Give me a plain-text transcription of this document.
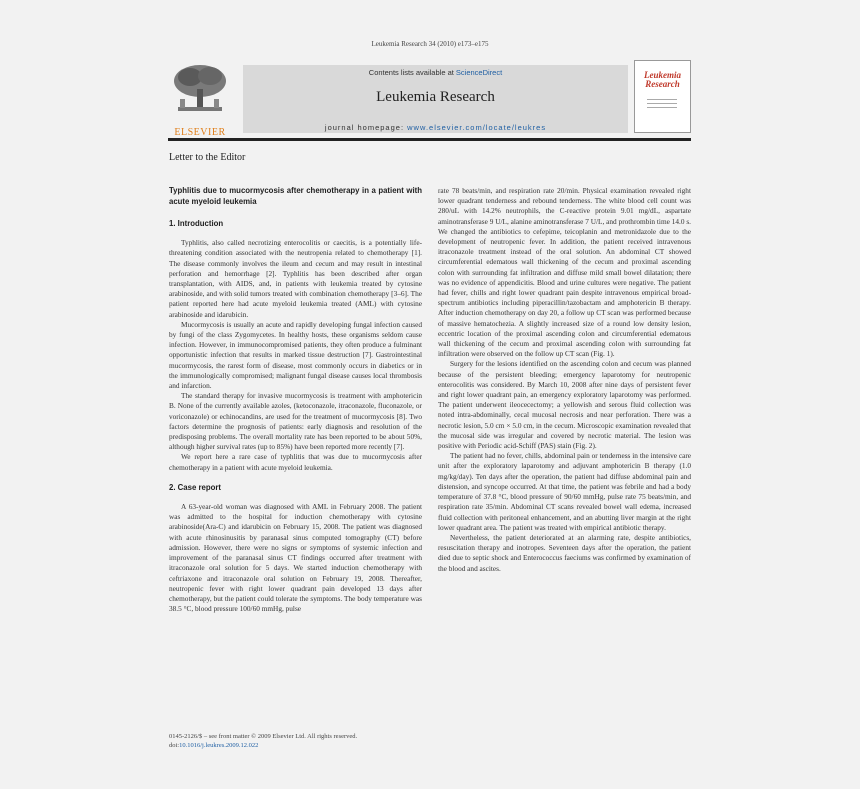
Leukemia Research 34 (2010) e173–e175
ELSEVIER
Contents lists available at ScienceDirect
Leukemia Research
journal homepage: www.elsevier.com/locate/leukres
Leukemia Research
Letter to the Editor

Typhlitis due to mucormycosis after chemotherapy in a patient with acute myeloid leukemia

1. Introduction

Typhlitis, also called necrotizing enterocolitis or caecitis, is a potentially life-threatening condition associated with the neutropenia related to chemotherapy [1]. The disease commonly involves the ileum and cecum and may result in intestinal perforation and hemorrhage [2]. Typhlitis has been described after organ transplantation, with AIDS, and, in patients with leukemia treated by cytosine arabinoside, and with solid tumors treated with combination chemotherapy [3–6]. The patient reported here had acute myeloid leukemia treated (AML) with cytosine arabinoside and idarubicin.

Mucormycosis is usually an acute and rapidly developing fungal infection caused by fungi of the class Zygomycetes. In healthy hosts, these organisms seldom cause infection. However, in immunocompromised patients, they often produce a fulminant opportunistic infection that results in marked tissue destruction [7]. Gastrointestinal mucormycosis, the rarest form of disease, most commonly occurs in diabetics or in the immunologically compromised; malignant fungal disease causes local thrombosis and infarction.

The standard therapy for invasive mucormycosis is treatment with amphotericin B. None of the currently available azoles, (ketoconazole, itraconazole, fluconazole, or voriconazole) or echinocandins, are used for the treatment of mucormycosis [8]. Two factors determine the prognosis of patients: early diagnosis and resolution of the predisposing problems. The overall mortality rate has been reported to be about 50%, although higher survival rates (up to 85%) have been reported more recently [7].

We report here a rare case of typhlitis that was due to mucormycosis after chemotherapy in a patient with acute myeloid leukemia.

2. Case report

A 63-year-old woman was diagnosed with AML in February 2008. The patient was admitted to the hospital for induction chemotherapy with cytosine arabinoside(Ara-C) and idarubicin on February 15, 2008. The patient was diagnosed with acute rhinosinusitis by paranasal sinus computed tomography (CT) before admission. However, there were no signs or symptoms of systemic infection and improvement of the paranasal sinus CT findings occurred after treatment with itraconazole oral solution for 5 days. We started induction chemotherapy with ceftriaxone and itraconazole oral solution on February 19, 2008. Thereafter, neutropenic fever with right lower quadrant pain developed 13 days after chemotherapy, but the patient could tolerate the symptoms. The body temperature was 38.5 °C, blood pressure 100/60 mmHg, pulse

rate 78 beats/min, and respiration rate 20/min. Physical examination revealed right lower quadrant tenderness and rebound tenderness. The white blood cell count was 280/uL with 14.2% neutrophils, the C-reactive protein 9.01 mg/dL, aspartate aminotransferase 9 U/L, alanine aminotransferase 7 U/L, and prothrombin time 14.0 s. We changed the antibiotics to cefepime, teicoplanin and metronidazole due to the development of neutropenic fever. In addition, the patient received intravenous itraconazole treatment instead of the oral solution. An abdominal CT showed circumferential edematous wall thickening of the cecum and proximal ascending colon with surrounding fat infiltration and diffuse mild small bowel dilatation; there was no evidence of appendicitis. Blood and urine cultures were negative. The patient had fever, chills and right lower quadrant pain despite intravenous empirical broad-spectrum antibiotics including piperacillin/tazobactam and amphotericin B therapy. After induction chemotherapy on day 20, a follow up CT scan was performed because of massive hematochezia. A slightly increased size of a round low density lesion, eccentric location of the proximal ascending colon and circumferential edematous wall thickening of the cecum and proximal ascending colon with surrounding fat infiltration were observed on the follow up CT scan (Fig. 1).

Surgery for the lesions identified on the ascending colon and cecum was planned because of the persistent bleeding; emergency laparotomy for neutropenic enterocolitis was considered. By March 10, 2008 after nine days of persistent fever and right lower quadrant pain, an emergency exploratory laparotomy was performed. The patient underwent ileocecectomy; a yellowish and serous fluid collection was noted intra-abdominally, cecal mucosal necrosis and near perforation. There was a necrotic lesion, 5.0 cm × 5.0 cm, in the cecum. Microscopic examination revealed that the mucosal side was irregular and covered by necrotic material. The lesion was positive with Periodic acid-Schiff (PAS) stain (Fig. 2).

The patient had no fever, chills, abdominal pain or tenderness in the intensive care unit after the exploratory laparotomy and adjuvant amphotericin B therapy (1.0 mg/kg/day). Ten days after the operation, the patient had diffuse abdominal pain and distension, and syncope occurred. At that time, the patient was febrile and had a body temperature of 37.8 °C, blood pressure of 90/60 mmHg, pulse rate 75 beats/min, and respiration rate 35/min. Abdominal CT scans revealed bowel wall edema, increased fluid collection with peritoneal enhancement, and an abutting liver margin at the right lower quadrant area. The patient was treated with empirical antibiotic therapy.

Nevertheless, the patient deteriorated at an alarming rate, despite antibiotics, resuscitation therapy and inotropes. Seventeen days after the operation, the patient died due to septic shock and Enterococcus faeciums was confirmed by examination of the blood and ascites.

0145-2126/$ – see front matter © 2009 Elsevier Ltd. All rights reserved.
doi:10.1016/j.leukres.2009.12.022
